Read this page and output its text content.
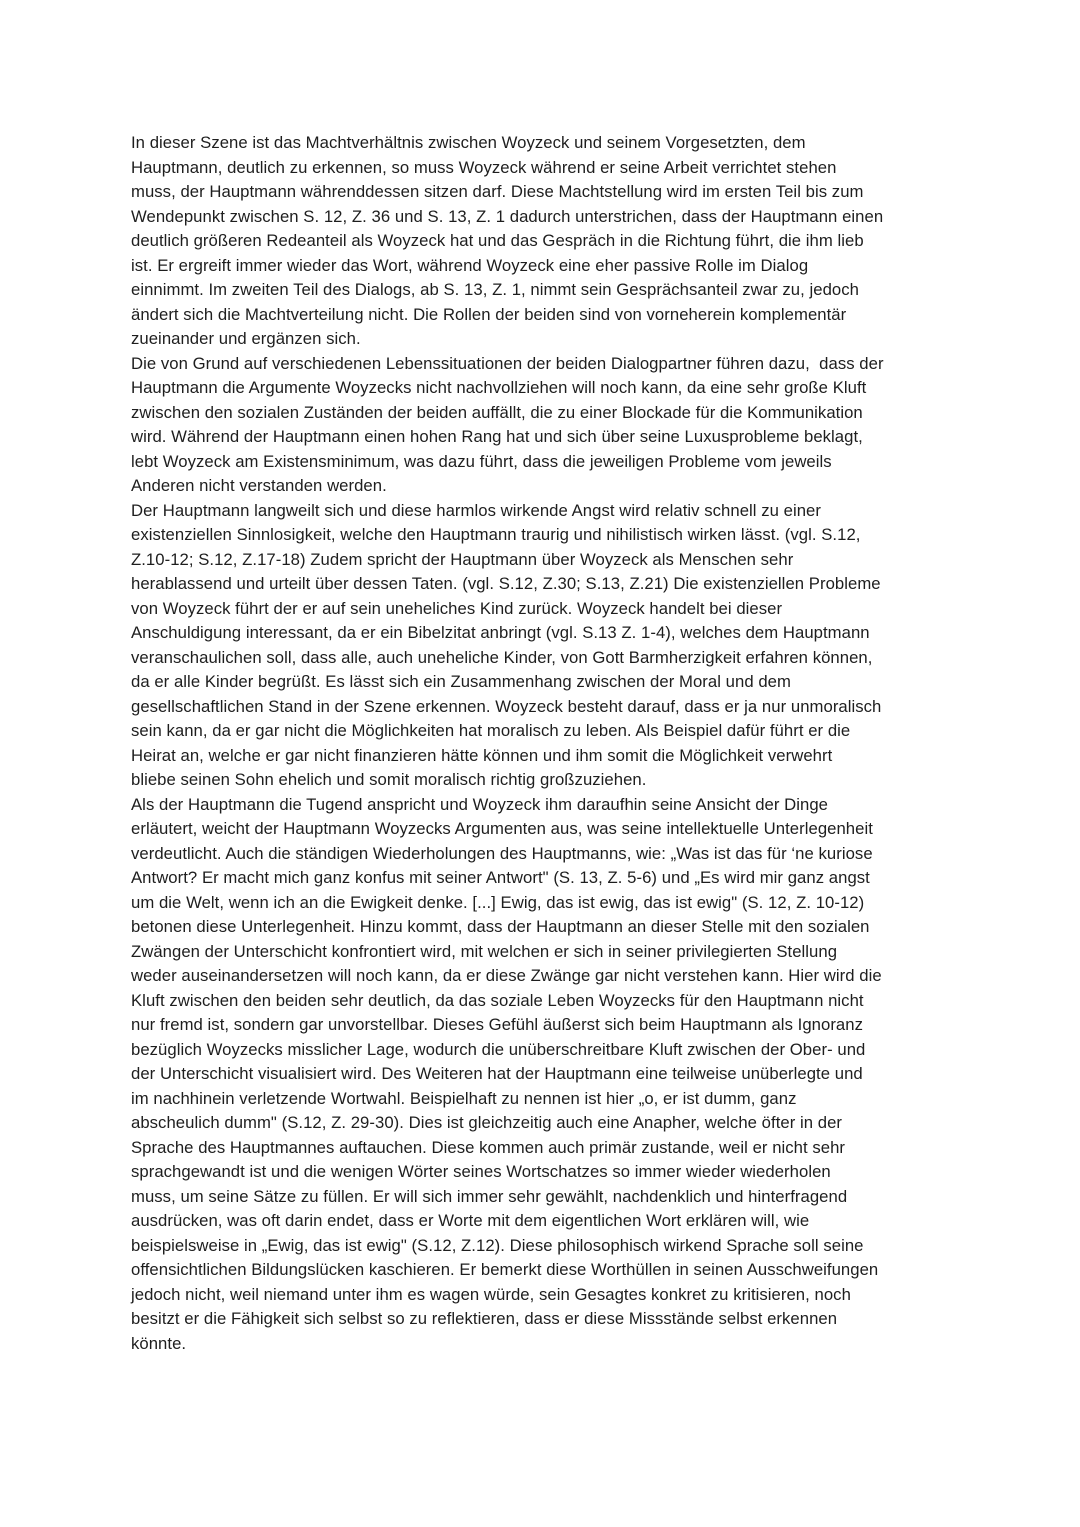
In dieser Szene ist das Machtverhältnis zwischen Woyzeck und seinem Vorgesetzten, dem
Hauptmann, deutlich zu erkennen, so muss Woyzeck während er seine Arbeit verrichtet stehen
muss, der Hauptmann währenddessen sitzen darf. Diese Machtstellung wird im ersten Teil bis zum
Wendepunkt zwischen S. 12, Z. 36 und S. 13, Z. 1 dadurch unterstrichen, dass der Hauptmann einen
deutlich größeren Redeanteil als Woyzeck hat und das Gespräch in die Richtung führt, die ihm lieb
ist. Er ergreift immer wieder das Wort, während Woyzeck eine eher passive Rolle im Dialog
einnimmt. Im zweiten Teil des Dialogs, ab S. 13, Z. 1, nimmt sein Gesprächsanteil zwar zu, jedoch
ändert sich die Machtverteilung nicht. Die Rollen der beiden sind von vorneherein komplementär
zueinander und ergänzen sich.
Die von Grund auf verschiedenen Lebenssituationen der beiden Dialogpartner führen dazu,  dass der
Hauptmann die Argumente Woyzecks nicht nachvollziehen will noch kann, da eine sehr große Kluft
zwischen den sozialen Zuständen der beiden auffällt, die zu einer Blockade für die Kommunikation
wird. Während der Hauptmann einen hohen Rang hat und sich über seine Luxusprobleme beklagt,
lebt Woyzeck am Existensminimum, was dazu führt, dass die jeweiligen Probleme vom jeweils
Anderen nicht verstanden werden.
Der Hauptmann langweilt sich und diese harmlos wirkende Angst wird relativ schnell zu einer
existenziellen Sinnlosigkeit, welche den Hauptmann traurig und nihilistisch wirken lässt. (vgl. S.12,
Z.10-12; S.12, Z.17-18) Zudem spricht der Hauptmann über Woyzeck als Menschen sehr
herablassend und urteilt über dessen Taten. (vgl. S.12, Z.30; S.13, Z.21) Die existenziellen Probleme
von Woyzeck führt der er auf sein uneheliches Kind zurück. Woyzeck handelt bei dieser
Anschuldigung interessant, da er ein Bibelzitat anbringt (vgl. S.13 Z. 1-4), welches dem Hauptmann
veranschaulichen soll, dass alle, auch uneheliche Kinder, von Gott Barmherzigkeit erfahren können,
da er alle Kinder begrüßt. Es lässt sich ein Zusammenhang zwischen der Moral und dem
gesellschaftlichen Stand in der Szene erkennen. Woyzeck besteht darauf, dass er ja nur unmoralisch
sein kann, da er gar nicht die Möglichkeiten hat moralisch zu leben. Als Beispiel dafür führt er die
Heirat an, welche er gar nicht finanzieren hätte können und ihm somit die Möglichkeit verwehrt
bliebe seinen Sohn ehelich und somit moralisch richtig großzuziehen.
Als der Hauptmann die Tugend anspricht und Woyzeck ihm daraufhin seine Ansicht der Dinge
erläutert, weicht der Hauptmann Woyzecks Argumenten aus, was seine intellektuelle Unterlegenheit
verdeutlicht. Auch die ständigen Wiederholungen des Hauptmanns, wie: „Was ist das für ‘ne kuriose
Antwort? Er macht mich ganz konfus mit seiner Antwort" (S. 13, Z. 5-6) und „Es wird mir ganz angst
um die Welt, wenn ich an die Ewigkeit denke. [...] Ewig, das ist ewig, das ist ewig" (S. 12, Z. 10-12)
betonen diese Unterlegenheit. Hinzu kommt, dass der Hauptmann an dieser Stelle mit den sozialen
Zwängen der Unterschicht konfrontiert wird, mit welchen er sich in seiner privilegierten Stellung
weder auseinandersetzen will noch kann, da er diese Zwänge gar nicht verstehen kann. Hier wird die
Kluft zwischen den beiden sehr deutlich, da das soziale Leben Woyzecks für den Hauptmann nicht
nur fremd ist, sondern gar unvorstellbar. Dieses Gefühl äußerst sich beim Hauptmann als Ignoranz
bezüglich Woyzecks misslicher Lage, wodurch die unüberschreitbare Kluft zwischen der Ober- und
der Unterschicht visualisiert wird. Des Weiteren hat der Hauptmann eine teilweise unüberlegte und
im nachhinein verletzende Wortwahl. Beispielhaft zu nennen ist hier „o, er ist dumm, ganz
abscheulich dumm" (S.12, Z. 29-30). Dies ist gleichzeitig auch eine Anapher, welche öfter in der
Sprache des Hauptmannes auftauchen. Diese kommen auch primär zustande, weil er nicht sehr
sprachgewandt ist und die wenigen Wörter seines Wortschatzes so immer wieder wiederholen
muss, um seine Sätze zu füllen. Er will sich immer sehr gewählt, nachdenklich und hinterfragend
ausdrücken, was oft darin endet, dass er Worte mit dem eigentlichen Wort erklären will, wie
beispielsweise in „Ewig, das ist ewig" (S.12, Z.12). Diese philosophisch wirkend Sprache soll seine
offensichtlichen Bildungslücken kaschieren. Er bemerkt diese Worthüllen in seinen Ausschweifungen
jedoch nicht, weil niemand unter ihm es wagen würde, sein Gesagtes konkret zu kritisieren, noch
besitzt er die Fähigkeit sich selbst so zu reflektieren, dass er diese Missstände selbst erkennen
könnte.
